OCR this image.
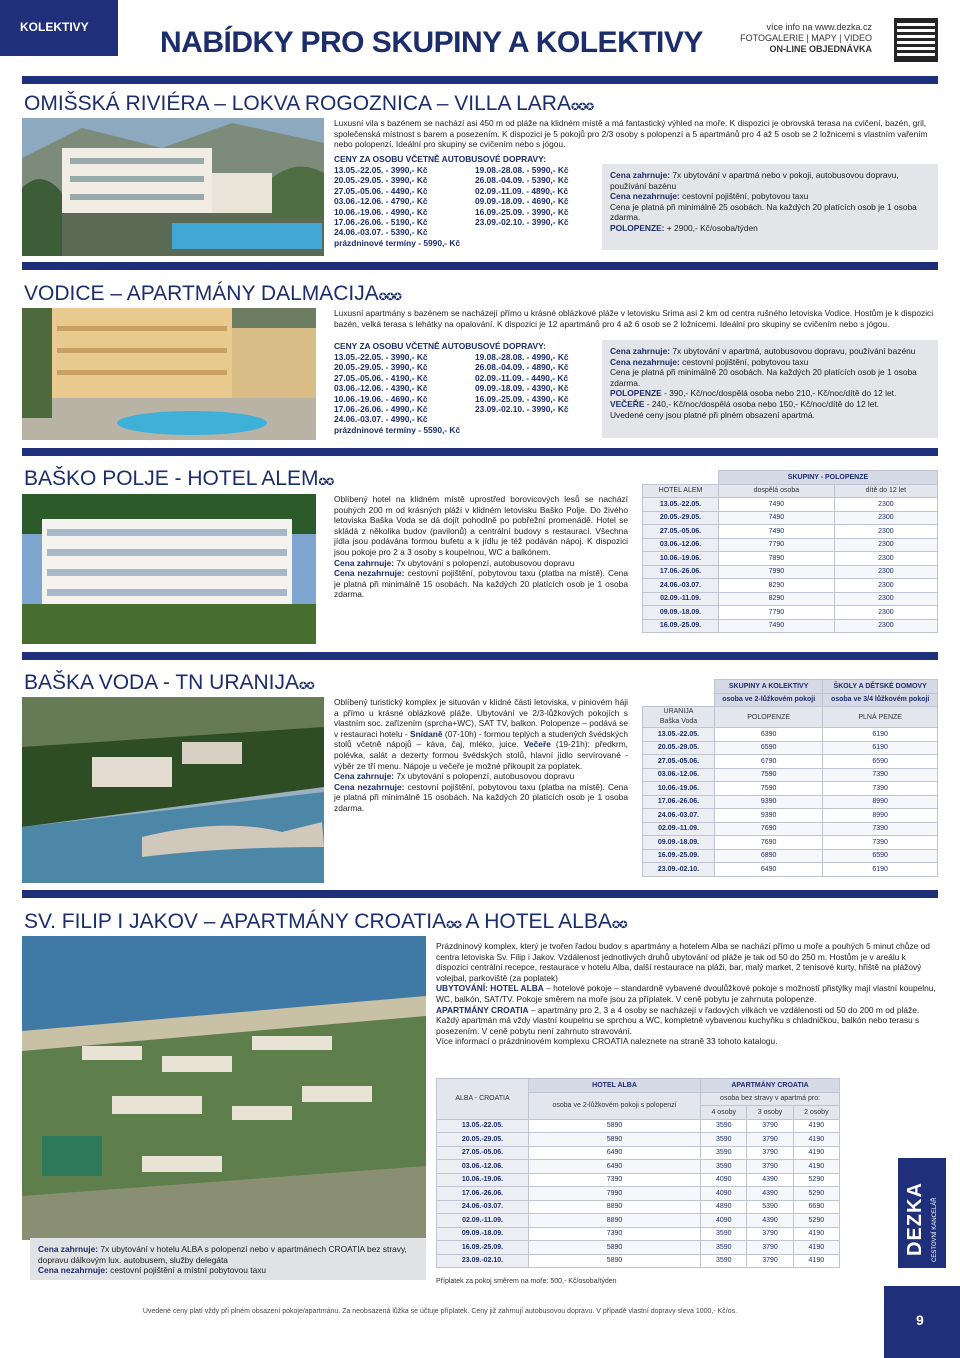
KOLEKTIVY NABÍDKY PRO SKUPINY A KOLEKTIVY	více info na www.dezka.cz
FOTOGALERIE | MAPY | VIDEO
ON-LINE OBJEDNÁVKA
OMIŠSKÁ RIVIÉRA – LOKVA ROGOZNICA – VILLA LARA✪✪✪
Luxusní vila s bazénem se nachází asi 450 m od pláže na klidném místě a má fantastický výhled na moře. K dispozici je obrovská terasa na cvičení, bazén, gril, společenská místnost s barem a posezením. K dispozici je 5 pokojů pro 2/3 osoby s polopenzí a 5 apartmánů pro 4 až 5 osob se 2 ložnicemi s vlastním vařením nebo polopenzí. Ideální pro skupiny se cvičením nebo s jógou.
CENY ZA OSOBU VČETNĚ AUTOBUSOVÉ DOPRAVY:
13.05.-22.05. - 3990,- Kč
20.05.-29.05. - 3990,- Kč
27.05.-05.06. - 4490,- Kč
03.06.-12.06. - 4790,- Kč
10.06.-19.06. - 4990,- Kč
17.06.-26.06. - 5190,- Kč
24.06.-03.07. - 5390,- Kč
prázdninové termíny - 5990,- Kč
19.08.-28.08. - 5990,- Kč
26.08.-04.09. - 5390,- Kč
02.09.-11.09. - 4890,- Kč
09.09.-18.09. - 4690,- Kč
16.09.-25.09. - 3990,- Kč
23.09.-02.10. - 3990,- Kč
Cena zahrnuje: 7x ubytování v apartmá nebo v pokoji, autobusovou dopravu, používání bazénu
Cena nezahrnuje: cestovní pojištění, pobytovou taxu
Cena je platná při minimálně 25 osobách. Na každých 20 platících osob je 1 osoba zdarma.
POLOPENZE: + 2900,- Kč/osoba/týden
VODICE – APARTMÁNY DALMACIJA✪✪✪
Luxusní apartmány s bazénem se nacházejí přímo u krásné oblázkové pláže v letovisku Srima asi 2 km od centra rušného letoviska Vodice. Hostům je k dispozici bazén, velká terasa s lehátky na opalování. K dispozici je 12 apartmánů pro 4 až 6 osob se 2 ložnicemi. Ideální pro skupiny se cvičením nebo s jógou.
CENY ZA OSOBU VČETNĚ AUTOBUSOVÉ DOPRAVY:
13.05.-22.05. - 3990,- Kč
20.05.-29.05. - 3990,- Kč
27.05.-05.06. - 4190,- Kč
03.06.-12.06. - 4390,- Kč
10.06.-19.06. - 4690,- Kč
17.06.-26.06. - 4990,- Kč
24.06.-03.07. - 4990,- Kč
prázdninové termíny - 5590,- Kč
19.08.-28.08. - 4990,- Kč
26.08.-04.09. - 4890,- Kč
02.09.-11.09. - 4490,- Kč
09.09.-18.09. - 4390,- Kč
16.09.-25.09. - 4390,- Kč
23.09.-02.10. - 3990,- Kč
Cena zahrnuje: 7x ubytování v apartmá, autobusovou dopravu, používání bazénu
Cena nezahrnuje: cestovní pojištění, pobytovou taxu
Cena je platná při minimálně 20 osobách. Na každých 20 platících osob je 1 osoba zdarma.
POLOPENZE - 390,- Kč/noc/dospělá osoba nebo 210,- Kč/noc/dítě do 12 let.
VEČEŘE - 240,- Kč/noc/dospělá osoba nebo 150,- Kč/noc/dítě do 12 let.
Uvedené ceny jsou platné při plném obsazení apartmá.
BAŠKO POLJE - HOTEL ALEM✪✪
Oblíbený hotel na klidném místě uprostřed borovicových lesů se nachází pouhých 200 m od krásných pláží v klidném letovisku Baško Polje. Do živého letoviska Baška Voda se dá dojít pohodlně po pobřežní promenádě. Hotel se skládá z několika budov (pavilonů) a centrální budovy s restaurací. Všechna jídla jsou podávána formou bufetu a k jídlu je též podáván nápoj. K dispozici jsou pokoje pro 2 a 3 osoby s koupelnou, WC a balkónem.
Cena zahrnuje: 7x ubytování s polopenzí, autobusovou dopravu
Cena nezahrnuje: cestovní pojištění, pobytovou taxu (platba na místě). Cena je platná při minimálně 15 osobách. Na každých 20 platících osob je 1 osoba zdarma.
	SKUPINY - POLOPENZE	
HOTEL ALEM	dospělá osoba	dítě do 12 let
13.05.-22.05.	7490	2300
20.05.-29.05.	7490	2300
27.05.-05.06.	7490	2300
03.06.-12.06.	7790	2300
10.06.-19.06.	7890	2300
17.06.-26.06.	7990	2300
24.06.-03.07.	8290	2300
02.09.-11.09.	8290	2300
09.09.-18.09.	7790	2300
16.09.-25.09.	7490	2300
BAŠKA VODA - TN URANIJA✪✪
Oblíbený turistický komplex je situován v klidné části letoviska, v piniovém háji a přímo u krásné oblázkové pláže. Ubytování ve 2/3-lůžkových pokojích s vlastním soc. zařízením (sprcha+WC), SAT TV, balkon. Polopenze – podává se v restauraci hotelu - Snídaně (07-10h) - formou teplých a studených švédských stolů včetně nápojů – káva, čaj, mléko, juice. Večeře (19-21h): předkrm, polévka, salát a dezerty formou švédských stolů, hlavní jídlo servírované - výběr ze tří menu. Nápoje u večeře je možné přikoupit za poplatek.
Cena zahrnuje: 7x ubytování s polopenzí, autobusovou dopravu
Cena nezahrnuje: cestovní pojištění, pobytovou taxu (platba na místě). Cena je platná při minimálně 15 osobách. Na každých 20 platících osob je 1 osoba zdarma.
	SKUPINY A KOLEKTIVY	ŠKOLY A DĚTSKÉ DOMOVY
	osoba ve 2-lůžkovém pokoji	osoba ve 3/4 lůžkovém pokoji

URANIJA
Baška Voda	POLOPENZE	PLNÁ PENZE
13.05.-22.05.	6390	6190
20.05.-29.05.	6590	6190
27.05.-05.06.	6790	6590
03.06.-12.06.	7590	7390
10.06.-19.06.	7590	7390
17.06.-26.06.	9390	8990
24.06.-03.07.	9390	8990
02.09.-11.09.	7690	7390
09.09.-18.09.	7690	7390
16.09.-25.09.	6890	6590
23.09.-02.10.	6490	6190
SV. FILIP I JAKOV – APARTMÁNY CROATIA✪✪ A HOTEL ALBA✪✪
Cena zahrnuje: 7x ubytování v hotelu ALBA s polopenzí nebo v apartmánech CROATIA bez stravy, dopravu dálkovým lux. autobusem, služby delegáta
Cena nezahrnuje: cestovní pojištění a místní pobytovou taxu
Prázdninový komplex, který je tvořen řadou budov s apartmány a hotelem Alba se nachází přímo u moře a pouhých 5 minut chůze od centra letoviska Sv. Filip i Jakov. Vzdálenost jednotlivých druhů ubytování od pláže je tak od 50 do 250 m. Hostům je v areálu k dispozici centrální recepce, restaurace v hotelu Alba, další restaurace na pláži, bar, malý market, 2 tenisové kurty, hřiště na plážový volejbal, parkoviště (za poplatek)
UBYTOVÁNÍ: HOTEL ALBA – hotelové pokoje – standardně vybavené dvoulůžkové pokoje s možností přistýlky mají vlastní koupelnu, WC, balkón, SAT/TV. Pokoje směrem na moře jsou za příplatek. V ceně pobytu je zahrnuta polopenze.
APARTMÁNY CROATIA – apartmány pro 2, 3 a 4 osoby se nacházejí v řadových vilkách ve vzdálenosti od 50 do 200 m od pláže. Každý apartmán má vždy vlastní koupelnu se sprchou a WC, kompletně vybavenou kuchyňku s chladničkou, balkón nebo terasu s posezením. V ceně pobytu není zahrnuto stravování.
Více informací o prázdninovém komplexu CROATIA naleznete na straně 33 tohoto katalogu.
ALBA - CROATIA	HOTEL ALBA	APARTMÁNY CROATIA		
	osoba ve 2-lůžkovém pokoji s polopenzí	osoba bez stravy v apartmá pro:		
		4 osoby	3 osoby	2 osoby
13.05.-22.05.	5890	3590	3790	4190
20.05.-29.05.	5890	3590	3790	4190
27.05.-05.06.	6490	3590	3790	4190
03.06.-12.06.	6490	3590	3790	4190
10.06.-19.06.	7390	4090	4390	5290
17.06.-26.06.	7990	4090	4390	5290
24.06.-03.07.	8890	4890	5390	6690
02.09.-11.09.	8890	4090	4390	5290
09.09.-18.09.	7390	3590	3790	4190
16.09.-25.09.	5890	3590	3790	4190
23.09.-02.10.	5890	3590	3790	4190
Příplatek za pokoj směrem na moře: 500,- Kč/osoba/týden
Uvedené ceny platí vždy při plném obsazení pokoje/apartmánu. Za neobsazená lůžka se účtuje příplatek. Ceny již zahrnují autobusovou dopravu. V případě vlastní dopravy sleva 1000,- Kč/os.
DEZKA CESTOVNÍ KANCELÁŘ
9
